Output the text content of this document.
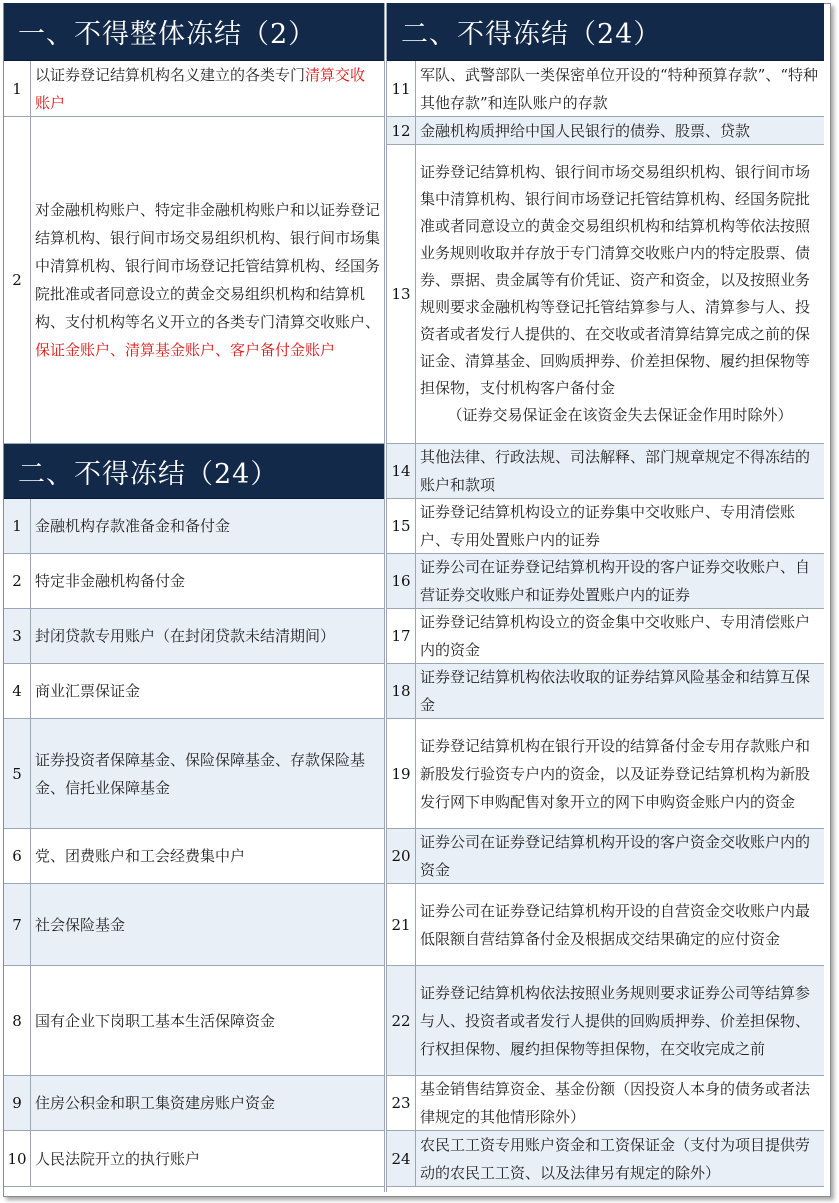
一、不得整体冻结（2）
1
以证券登记结算机构名义建立的各类专门清算交收账户
2
对金融机构账户、特定非金融机构账户和以证券登记结算机构、银行间市场交易组织机构、银行间市场集中清算机构、银行间市场登记托管结算机构、经国务院批准或者同意设立的黄金交易组织机构和结算机构、支付机构等名义开立的各类专门清算交收账户、保证金账户、清算基金账户、客户备付金账户
二、不得冻结（24）
1 金融机构存款准备金和备付金
2 特定非金融机构备付金
3 封闭贷款专用账户（在封闭贷款未结清期间）
4 商业汇票保证金
5
证券投资者保障基金、保险保障基金、存款保险基金、信托业保障基金
6 党、团费账户和工会经费集中户
7 社会保险基金
8 国有企业下岗职工基本生活保障资金
9 住房公积金和职工集资建房账户资金
10 人民法院开立的执行账户
二、不得冻结（24）
11
军队、武警部队一类保密单位开设的“特种预算存款”、“特种其他存款”和连队账户的存款
12 金融机构质押给中国人民银行的债券、股票、贷款
13
证券登记结算机构、银行间市场交易组织机构、银行间市场集中清算机构、银行间市场登记托管结算机构、经国务院批准或者同意设立的黄金交易组织机构和结算机构等依法按照业务规则收取并存放于专门清算交收账户内的特定股票、债券、票据、贵金属等有价凭证、资产和资金，以及按照业务规则要求金融机构等登记托管结算参与人、清算参与人、投资者或者发行人提供的、在交收或者清算结算完成之前的保证金、清算基金、回购质押券、价差担保物、履约担保物等担保物，支付机构客户备付金
（证券交易保证金在该资金失去保证金作用时除外）
14
其他法律、行政法规、司法解释、部门规章规定不得冻结的账户和款项
15
证券登记结算机构设立的证券集中交收账户、专用清偿账户、专用处置账户内的证券
16
证券公司在证券登记结算机构开设的客户证券交收账户、自营证券交收账户和证券处置账户内的证券
17
证券登记结算机构设立的资金集中交收账户、专用清偿账户内的资金
18
证券登记结算机构依法收取的证券结算风险基金和结算互保金
19
证券登记结算机构在银行开设的结算备付金专用存款账户和新股发行验资专户内的资金，以及证券登记结算机构为新股发行网下申购配售对象开立的网下申购资金账户内的资金
20
证券公司在证券登记结算机构开设的客户资金交收账户内的资金
21
证券公司在证券登记结算机构开设的自营资金交收账户内最低限额自营结算备付金及根据成交结果确定的应付资金
22
证券登记结算机构依法按照业务规则要求证券公司等结算参与人、投资者或者发行人提供的回购质押券、价差担保物、行权担保物、履约担保物等担保物，在交收完成之前
23
基金销售结算资金、基金份额（因投资人本身的债务或者法律规定的其他情形除外）
24
农民工工资专用账户资金和工资保证金（支付为项目提供劳动的农民工工资、以及法律另有规定的除外）
